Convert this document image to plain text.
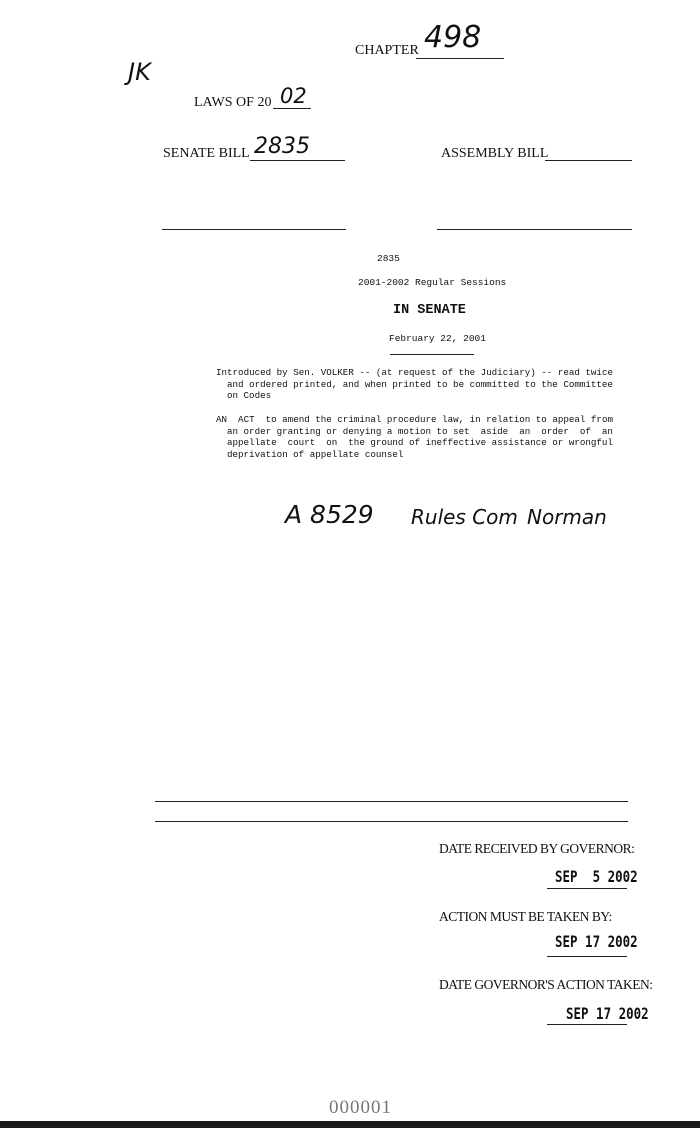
CHAPTER 498
JK
LAWS OF 20 02
SENATE BILL 2835	ASSEMBLY BILL
2835
2001-2002 Regular Sessions
IN SENATE
February 22, 2001
Introduced by Sen. VOLKER -- (at request of the Judiciary) -- read twice
and ordered printed, and when printed to be committed to the Committee
on Codes
AN  ACT  to amend the criminal procedure law, in relation to appeal from
an order granting or denying a motion to set  aside  an  order  of  an
appellate  court  on  the ground of ineffective assistance or wrongful
deprivation of appellate counsel
A 8529 Rules Com Norman
DATE RECEIVED BY GOVERNOR:
SEP  5 2002
ACTION MUST BE TAKEN BY:
SEP 17 2002
DATE GOVERNOR'S ACTION TAKEN:
SEP 17 2002
000001
